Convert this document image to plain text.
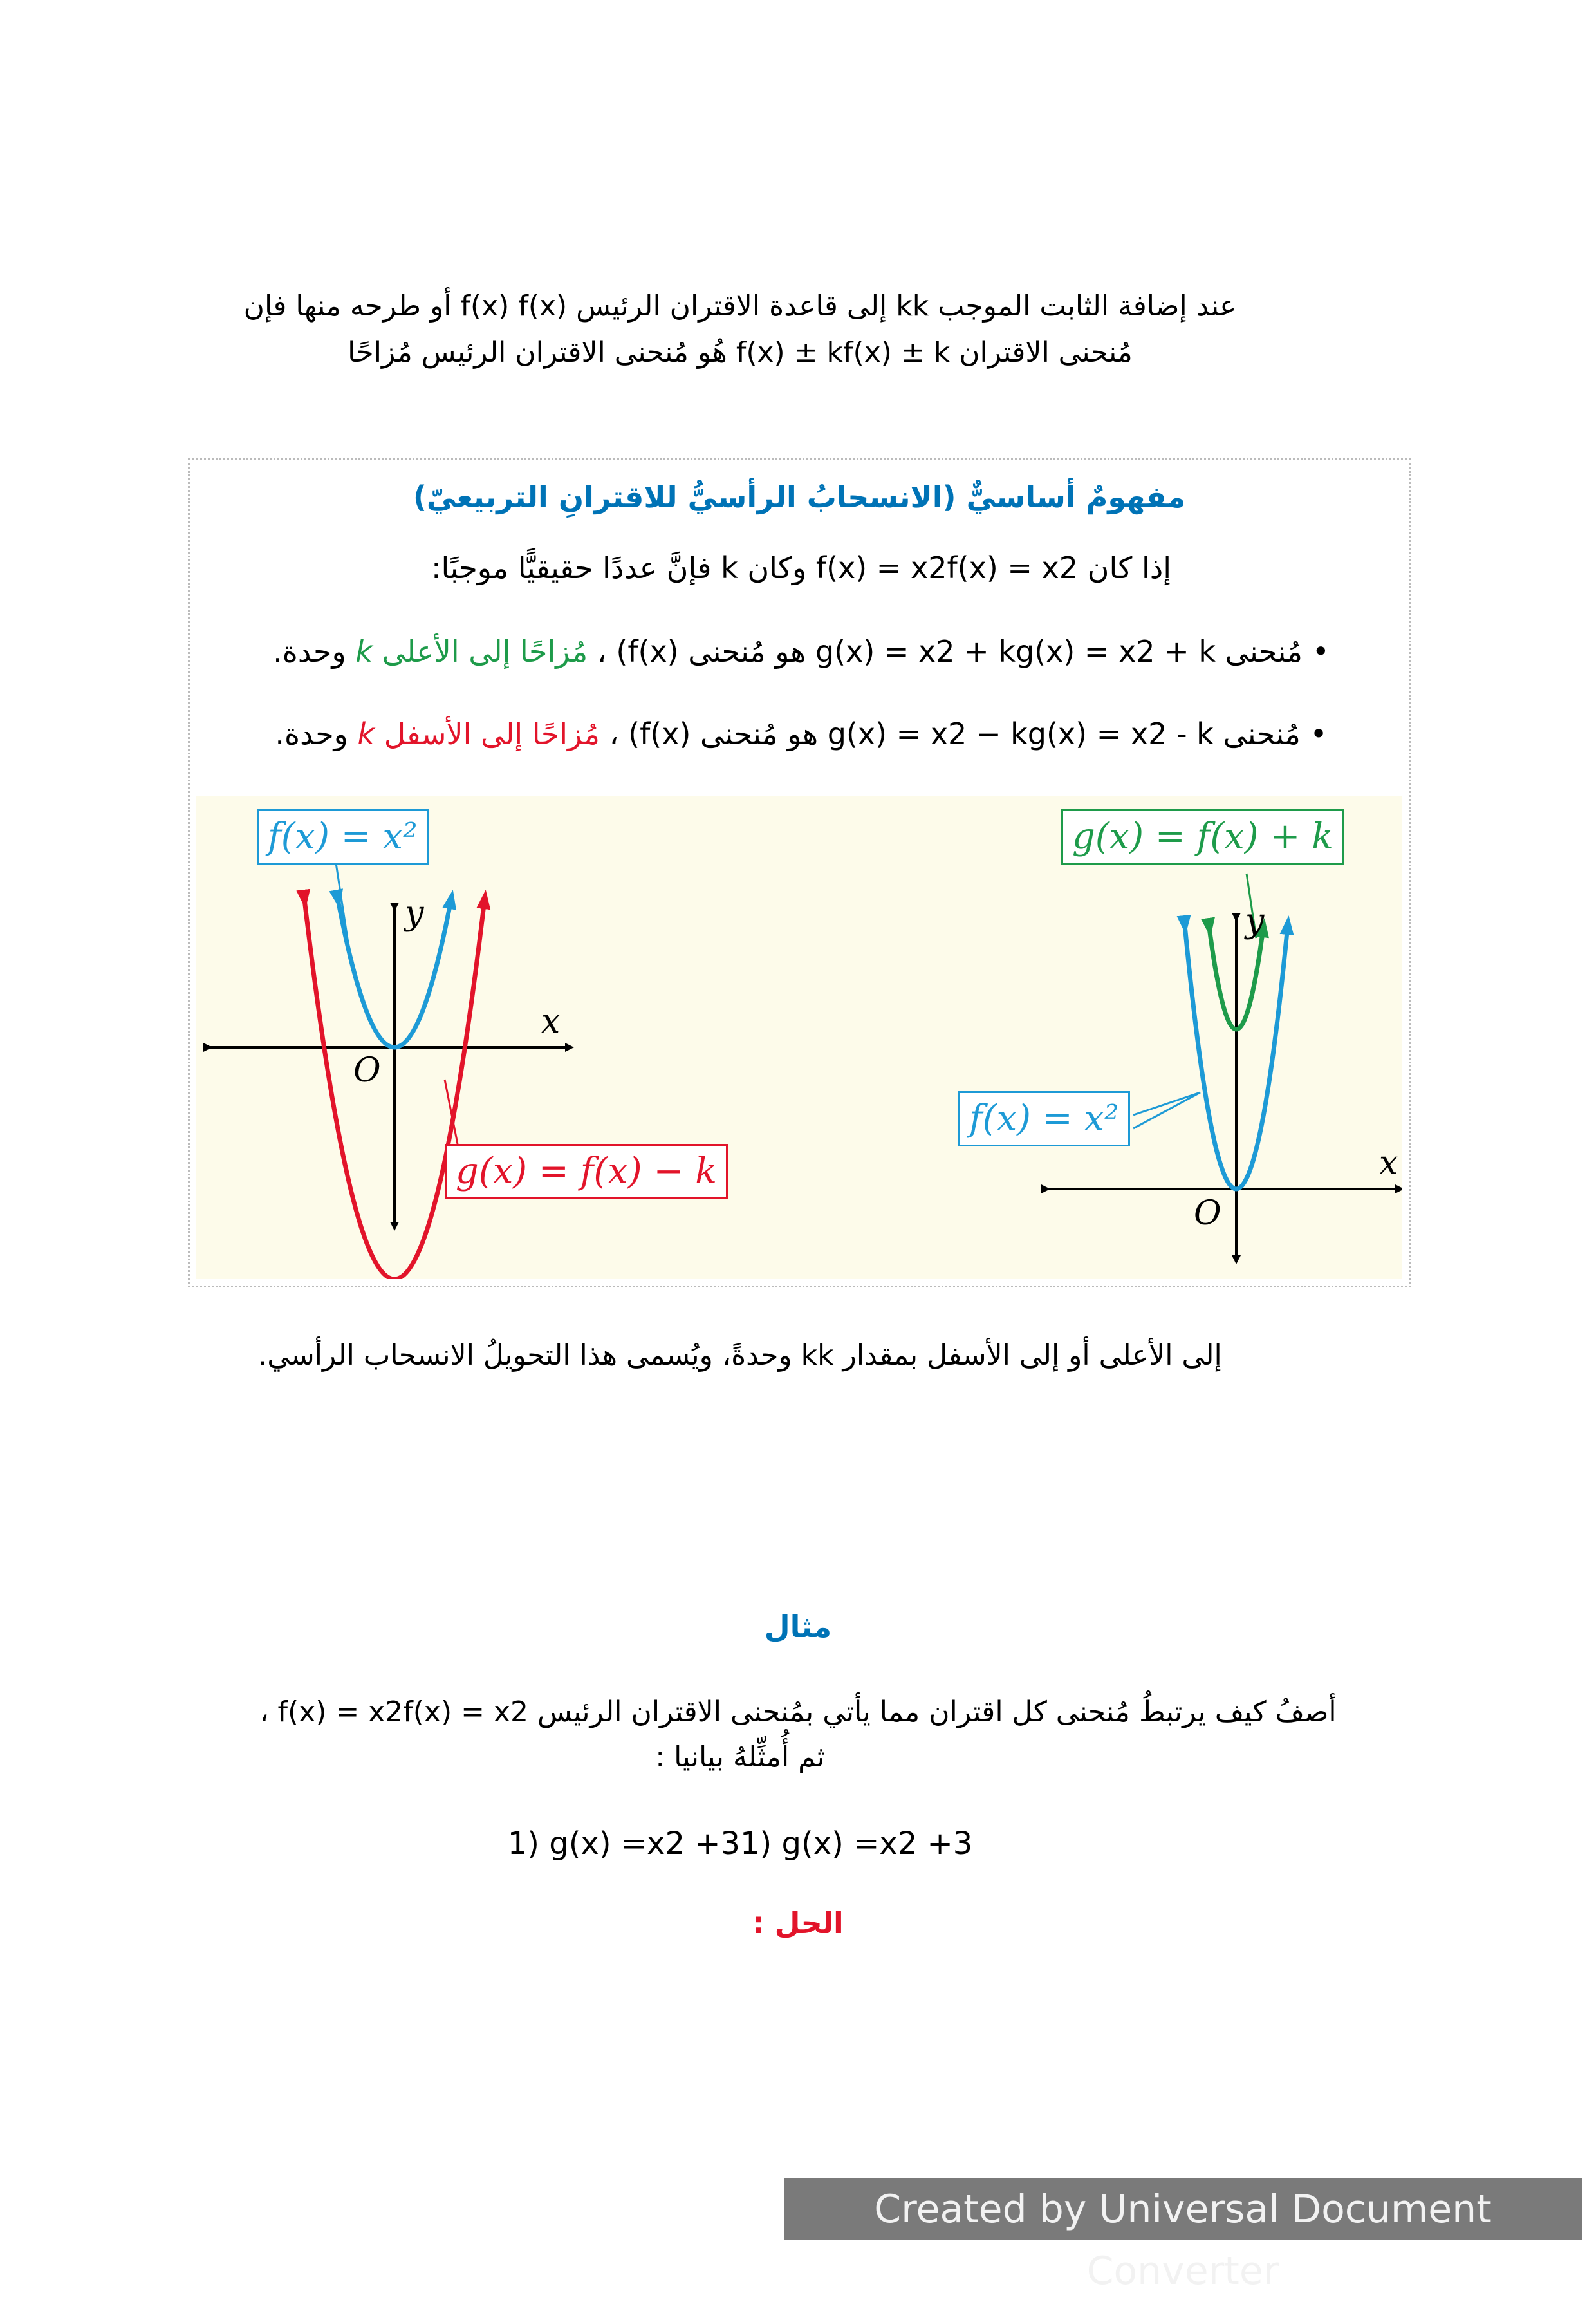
عند إضافة الثابت الموجب kk إلى قاعدة الاقتران الرئيس f(x) f(x) أو طرحه منها فإن
مُنحنى الاقتران f(x) ± kf(x) ± k هُو مُنحنى الاقتران الرئيس مُزاحًا
مفهومٌ أساسيٌّ (الانسحابُ الرأسيُّ للاقترانِ التربيعيّ)
إذا كان f(x) = x2f(x) = x2 وكان k فإنَّ عددًا حقيقيًّا موجبًا:
• مُنحنى g(x) = x2 + kg(x) = x2 + k هو مُنحنى f(x)) ، مُزاحًا إلى الأعلى k وحدة.
• مُنحنى g(x) = x2 − kg(x) = x2 - k هو مُنحنى f(x)) ، مُزاحًا إلى الأسفل k وحدة.
f(x) = x²
g(x) = f(x) − k
x
y
O
g(x) = f(x) + k
f(x) = x²
x
y
O
إلى الأعلى أو إلى الأسفل بمقدار kk وحدةً، ويُسمى هذا التحويلُ الانسحاب الرأسي.
مثال
أصفُ كيف يرتبطُ مُنحنى كل اقتران مما يأتي بمُنحنى الاقتران الرئيس f(x) = x2f(x) = x2 ،
ثم أُمثِّلهُ بيانيا :
1) g(x) =x2 +31) g(x) =x2 +3
الحل :
Created by Universal Document Converter
